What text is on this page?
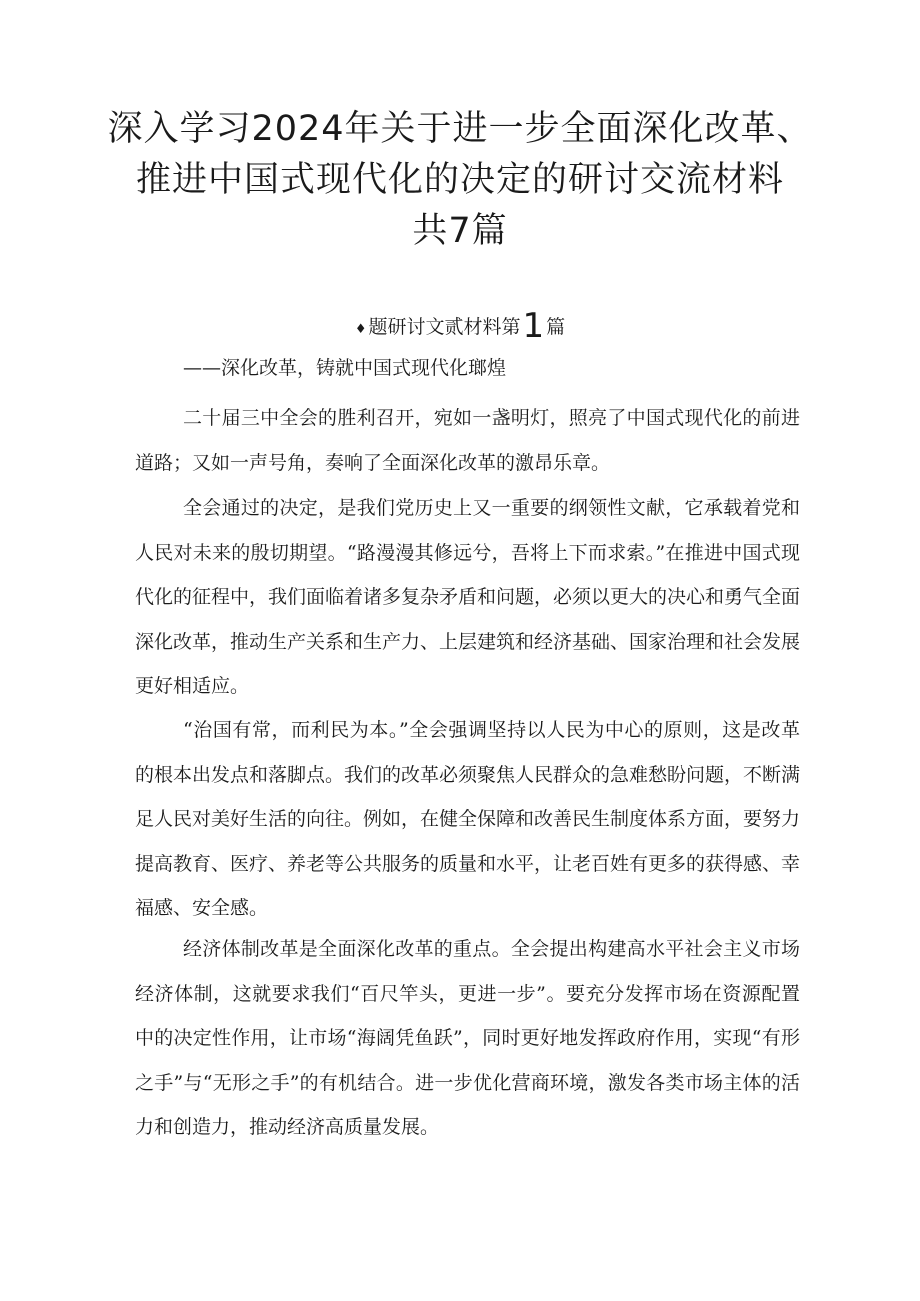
深入学习2024年关于进一步全面深化改革、
推进中国式现代化的决定的研讨交流材料
共7篇
♦ 题研讨文贰材料第1 篇
——深化改革，铸就中国式现代化瑯煌
二十届三中全会的胜利召开，宛如一盏明灯，照亮了中国式现代化的前进道路；又如一声号角，奏响了全面深化改革的激昂乐章。
全会通过的决定，是我们党历史上又一重要的纲领性文献，它承载着党和人民对未来的殷切期望。“路漫漫其修远兮，吾将上下而求索。”在推进中国式现代化的征程中，我们面临着诸多复杂矛盾和问题，必须以更大的决心和勇气全面深化改革，推动生产关系和生产力、上层建筑和经济基础、国家治理和社会发展更好相适应。
“治国有常，而利民为本。”全会强调坚持以人民为中心的原则，这是改革的根本出发点和落脚点。我们的改革必须聚焦人民群众的急难愁盼问题，不断满足人民对美好生活的向往。例如，在健全保障和改善民生制度体系方面，要努力提高教育、医疗、养老等公共服务的质量和水平，让老百姓有更多的获得感、幸福感、安全感。
经济体制改革是全面深化改革的重点。全会提出构建高水平社会主义市场经济体制，这就要求我们“百尺竿头，更进一步”。要充分发挥市场在资源配置中的决定性作用，让市场“海阔凭鱼跃”，同时更好地发挥政府作用，实现“有形之手”与“无形之手”的有机结合。进一步优化营商环境，激发各类市场主体的活力和创造力，推动经济高质量发展。
